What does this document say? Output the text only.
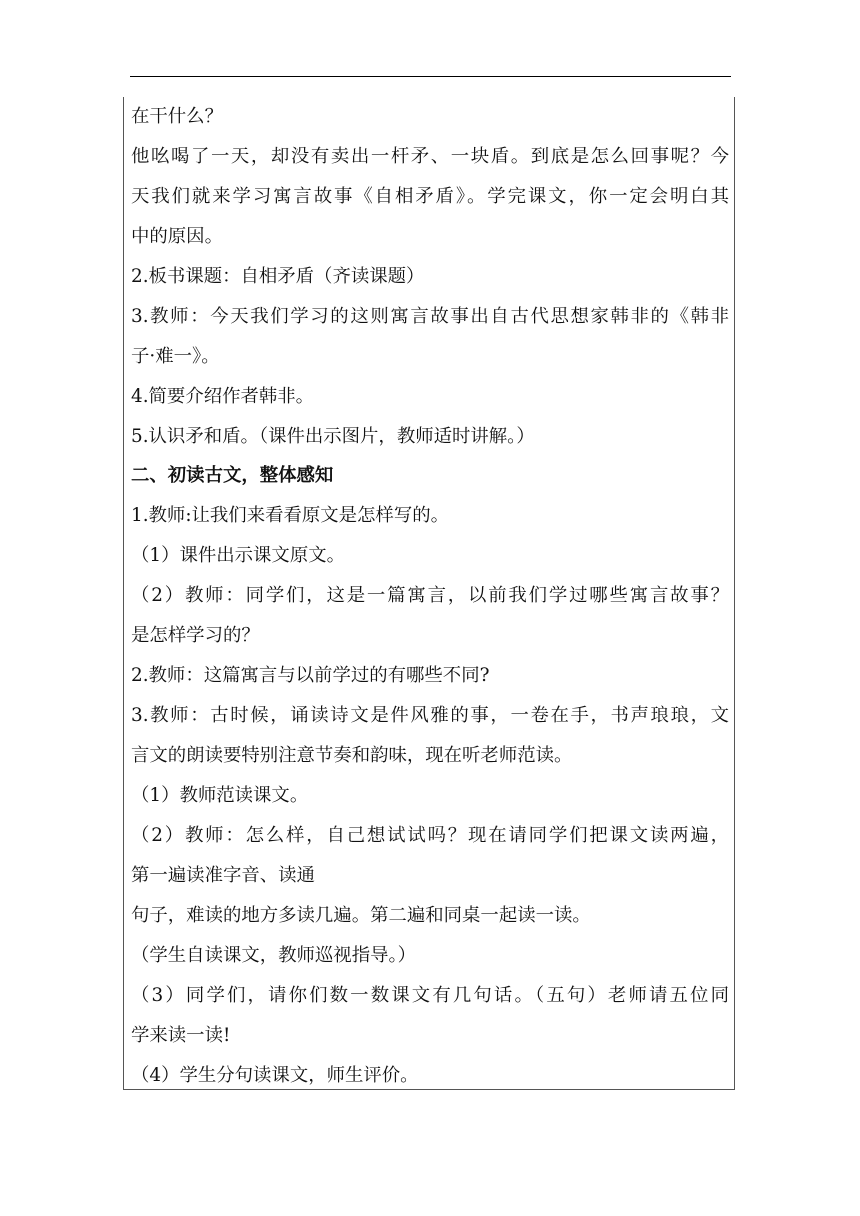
在干什么？
他吆喝了一天，却没有卖出一杆矛、一块盾。到底是怎么回事呢？今
天我们就来学习寓言故事《自相矛盾》。学完课文，你一定会明白其
中的原因。
2.板书课题：自相矛盾（齐读课题）
3.教师：今天我们学习的这则寓言故事出自古代思想家韩非的《韩非
子·难一》。
4.简要介绍作者韩非。
5.认识矛和盾。（课件出示图片，教师适时讲解。）
二、初读古文，整体感知
1.教师:让我们来看看原文是怎样写的。
（1）课件出示课文原文。
（2）教师：同学们，这是一篇寓言，以前我们学过哪些寓言故事？
是怎样学习的？
2.教师：这篇寓言与以前学过的有哪些不同?
3.教师：古时候，诵读诗文是件风雅的事，一卷在手，书声琅琅，文
言文的朗读要特别注意节奏和韵味，现在听老师范读。
（1）教师范读课文。
（2）教师：怎么样，自己想试试吗？现在请同学们把课文读两遍，
第一遍读准字音、读通
句子，难读的地方多读几遍。第二遍和同桌一起读一读。
（学生自读课文，教师巡视指导。）
（3）同学们，请你们数一数课文有几句话。（五句）老师请五位同
学来读一读!
（4）学生分句读课文，师生评价。
